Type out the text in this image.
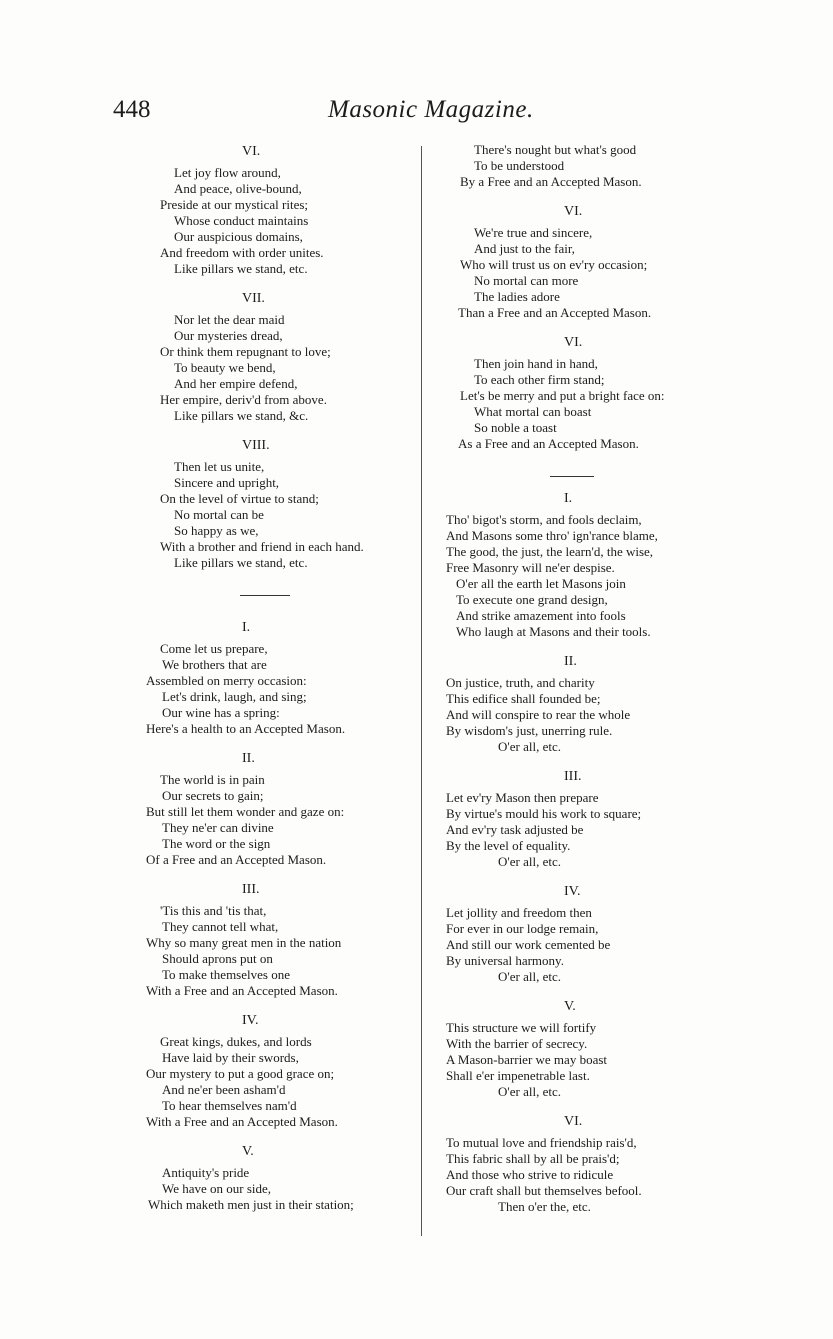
448	Masonic Magazine.
VI.
Let joy flow around,
And peace, olive-bound,
Preside at our mystical rites;
Whose conduct maintains
Our auspicious domains,
And freedom with order unites.
Like pillars we stand, etc.
VII.
Nor let the dear maid
Our mysteries dread,
Or think them repugnant to love;
To beauty we bend,
And her empire defend,
Her empire, deriv'd from above.
Like pillars we stand, &c.
VIII.
Then let us unite,
Sincere and upright,
On the level of virtue to stand;
No mortal can be
So happy as we,
With a brother and friend in each hand.
Like pillars we stand, etc.
I.
Come let us prepare,
We brothers that are
Assembled on merry occasion:
Let's drink, laugh, and sing;
Our wine has a spring:
Here's a health to an Accepted Mason.
II.
The world is in pain
Our secrets to gain;
But still let them wonder and gaze on:
They ne'er can divine
The word or the sign
Of a Free and an Accepted Mason.
III.
'Tis this and 'tis that,
They cannot tell what,
Why so many great men in the nation
Should aprons put on
To make themselves one
With a Free and an Accepted Mason.
IV.
Great kings, dukes, and lords
Have laid by their swords,
Our mystery to put a good grace on;
And ne'er been asham'd
To hear themselves nam'd
With a Free and an Accepted Mason.
V.
Antiquity's pride
We have on our side,
Which maketh men just in their station;
There's nought but what's good
To be understood
By a Free and an Accepted Mason.
VI.
We're true and sincere,
And just to the fair,
Who will trust us on ev'ry occasion;
No mortal can more
The ladies adore
Than a Free and an Accepted Mason.
VI.
Then join hand in hand,
To each other firm stand;
Let's be merry and put a bright face on:
What mortal can boast
So noble a toast
As a Free and an Accepted Mason.
I.
Tho' bigot's storm, and fools declaim,
And Masons some thro' ign'rance blame,
The good, the just, the learn'd, the wise,
Free Masonry will ne'er despise.
O'er all the earth let Masons join
To execute one grand design,
And strike amazement into fools
Who laugh at Masons and their tools.
II.
On justice, truth, and charity
This edifice shall founded be;
And will conspire to rear the whole
By wisdom's just, unerring rule.
O'er all, etc.
III.
Let ev'ry Mason then prepare
By virtue's mould his work to square;
And ev'ry task adjusted be
By the level of equality.
O'er all, etc.
IV.
Let jollity and freedom then
For ever in our lodge remain,
And still our work cemented be
By universal harmony.
O'er all, etc.
V.
This structure we will fortify
With the barrier of secrecy.
A Mason-barrier we may boast
Shall e'er impenetrable last.
O'er all, etc.
VI.
To mutual love and friendship rais'd,
This fabric shall by all be prais'd;
And those who strive to ridicule
Our craft shall but themselves befool.
Then o'er the, etc.
